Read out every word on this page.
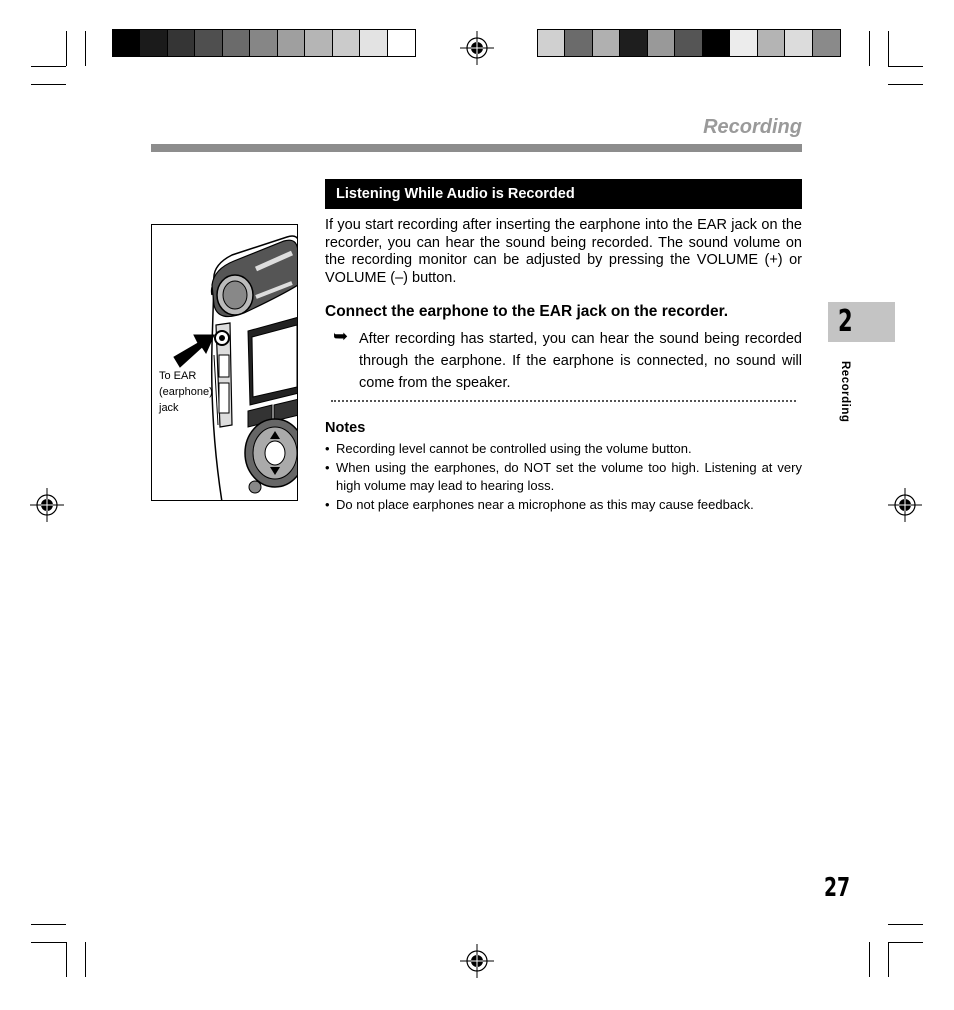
Recording
Listening While Audio is Recorded
If you start recording after inserting the earphone into the EAR jack on the recorder, you can hear the sound being recorded. The sound volume on the recording monitor can be adjusted by pressing the VOLUME (+) or VOLUME (–) button.
Connect the earphone to the EAR jack on the recorder.
➥ After recording has started, you can hear the sound being recorded through the earphone. If the earphone is connected, no sound will come from the speaker.
Notes
• Recording level cannot be controlled using the volume button.
• When using the earphones, do NOT set the volume too high. Listening at very high volume may lead to hearing loss.
• Do not place earphones near a microphone as this may cause feedback.
To EAR
(earphone)
jack
2
Recording
27
